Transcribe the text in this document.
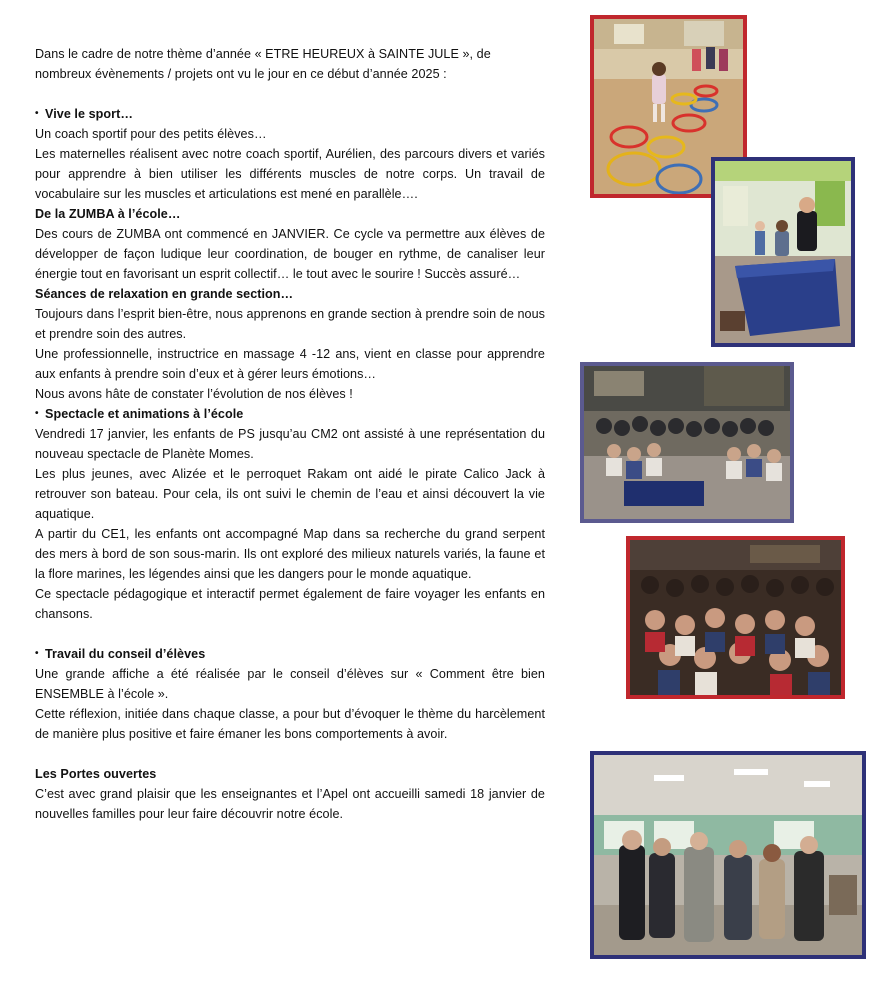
Dans le cadre de notre thème d’année « ETRE HEUREUX à SAINTE JULE », de

nombreux évènements / projets ont vu le jour en ce début d’année 2025 :

• Vive le sport…

Un coach sportif pour des petits élèves…

Les maternelles réalisent avec notre coach sportif, Aurélien, des parcours divers et variés pour apprendre à bien utiliser les différents muscles de notre corps. Un travail de vocabulaire sur les muscles et articulations est mené en parallèle….

De la ZUMBA à l’école…

Des cours de ZUMBA ont commencé en JANVIER. Ce cycle va permettre aux élèves de développer de façon ludique leur coordination, de bouger en rythme, de canaliser leur énergie tout en favorisant un esprit collectif… le tout avec le sourire ! Succès assuré…

Séances de relaxation en grande section…

Toujours dans l’esprit bien-être, nous apprenons en grande section à prendre soin de nous et prendre soin des autres.

Une professionnelle, instructrice en massage 4 -12 ans, vient en classe pour apprendre aux enfants à prendre soin d’eux et à gérer leurs émotions…

Nous avons hâte de constater l’évolution de nos élèves !

• Spectacle et animations à l’école

Vendredi 17 janvier, les enfants de PS jusqu’au CM2 ont assisté à une représentation du nouveau spectacle de Planète Momes.

Les plus jeunes, avec Alizée et le perroquet Rakam ont aidé le pirate Calico Jack à retrouver son bateau. Pour cela, ils ont suivi le chemin de l’eau et ainsi découvert la vie aquatique.

A partir du CE1, les enfants ont accompagné Map dans sa recherche du grand serpent des mers à bord de son sous-marin. Ils ont exploré des milieux naturels variés, la faune et la flore marines, les légendes ainsi que les dangers pour le monde aquatique.

Ce spectacle pédagogique et interactif permet également de faire voyager les enfants en chansons.

• Travail du conseil d’élèves

Une grande affiche a été réalisée par le conseil d’élèves sur « Comment être bien ENSEMBLE à l’école ».

Cette réflexion, initiée dans chaque classe, a pour but d’évoquer le thème du harcèlement de manière plus positive et faire émaner les bons comportements à avoir.

Les Portes ouvertes

C’est avec grand plaisir que les enseignantes et l’Apel ont accueilli samedi 18 janvier de nouvelles familles pour leur faire découvrir notre école.
